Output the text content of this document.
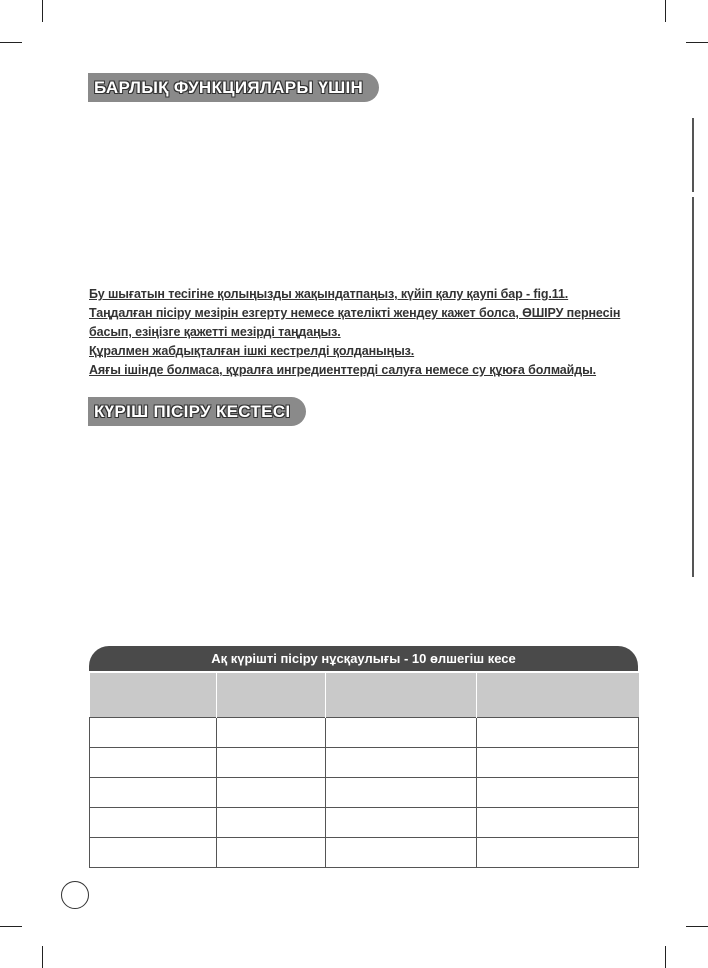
БАРЛЫҚ ФУНКЦИЯЛАРЫ ҮШІН

Бу шығатын тесігіне қолыңызды жақындатпаңыз, күйіп қалу қаупі бар - fig.11.

Таңдалған пісіру мезірін езгерту немесе қателікті жендеу кажет болса, ӨШІРУ пернесін басып, езіңізге қажетті мезірді таңдаңыз.

Құралмен жабдықталған ішкі кестрелді қолданыңыз.

Аяғы ішінде болмаса, құралға ингредиенттерді салуға немесе су құюға болмайды.

КҮРІШ ПІСІРУ КЕСТЕСІ
Ақ күрішті пісіру нұсқаулығы - 10 өлшегіш кесе
